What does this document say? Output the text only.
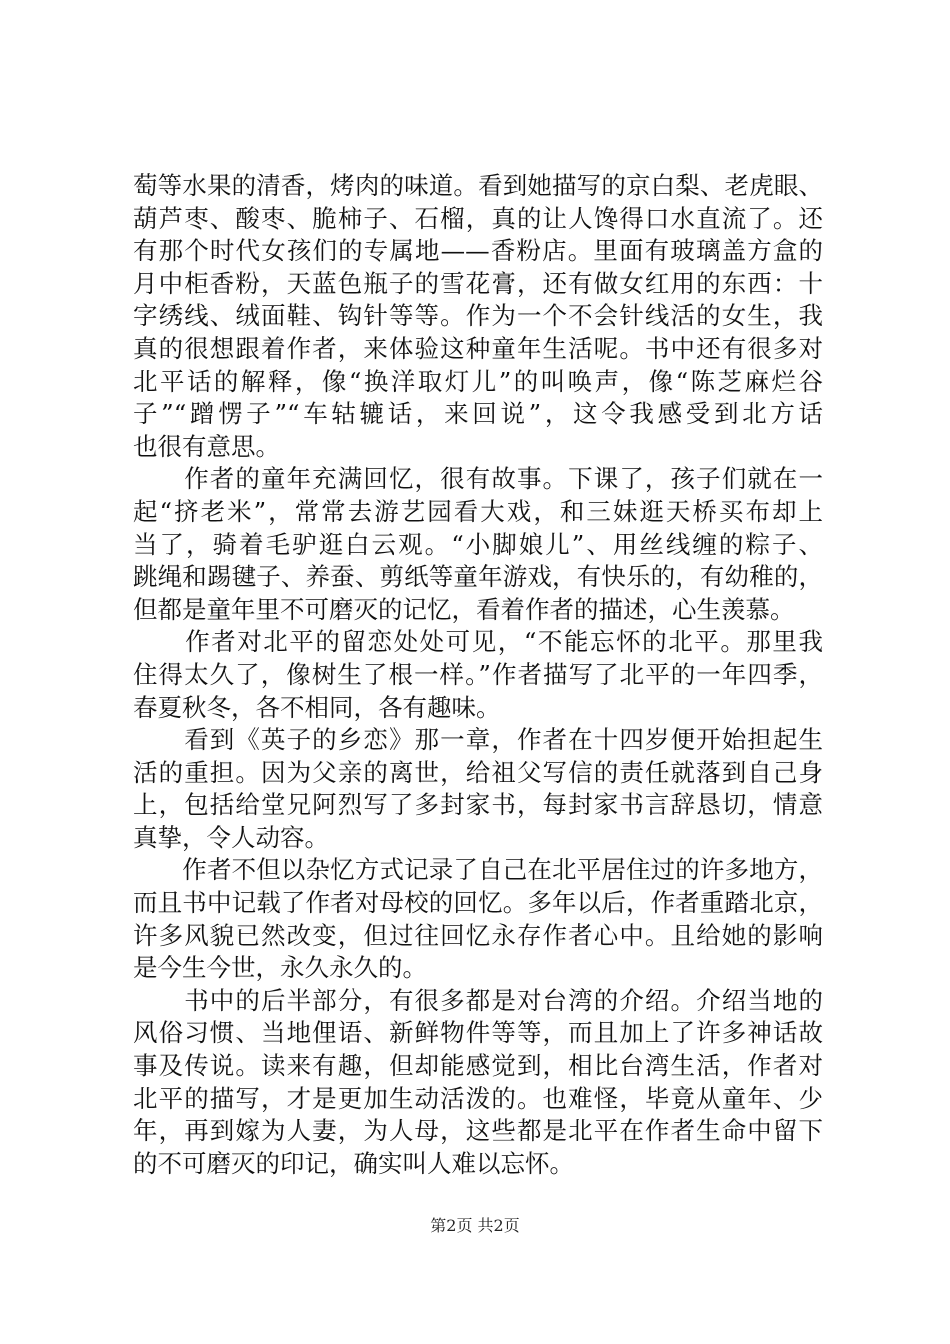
萄等水果的清香，烤肉的味道。看到她描写的京白梨、老虎眼、
葫芦枣、酸枣、脆柿子、石榴，真的让人馋得口水直流了。还
有那个时代女孩们的专属地——香粉店。里面有玻璃盖方盒的
月中柜香粉，天蓝色瓶子的雪花膏，还有做女红用的东西：十
字绣线、绒面鞋、钩针等等。作为一个不会针线活的女生，我
真的很想跟着作者，来体验这种童年生活呢。书中还有很多对
北平话的解释，像“换洋取灯儿”的叫唤声，像“陈芝麻烂谷
子”“蹭愣子”“车轱辘话，来回说”，这令我感受到北方话
也很有意思。
　　作者的童年充满回忆，很有故事。下课了，孩子们就在一
起“挤老米”，常常去游艺园看大戏，和三妹逛天桥买布却上
当了，骑着毛驴逛白云观。“小脚娘儿”、用丝线缠的粽子、
跳绳和踢毽子、养蚕、剪纸等童年游戏，有快乐的，有幼稚的，
但都是童年里不可磨灭的记忆，看着作者的描述，心生羡慕。
　　作者对北平的留恋处处可见，“不能忘怀的北平。那里我
住得太久了，像树生了根一样。”作者描写了北平的一年四季，
春夏秋冬，各不相同，各有趣味。
　　看到《英子的乡恋》那一章，作者在十四岁便开始担起生
活的重担。因为父亲的离世，给祖父写信的责任就落到自己身
上，包括给堂兄阿烈写了多封家书，每封家书言辞恳切，情意
真挚，令人动容。
　　作者不但以杂忆方式记录了自己在北平居住过的许多地方，
而且书中记载了作者对母校的回忆。多年以后，作者重踏北京，
许多风貌已然改变，但过往回忆永存作者心中。且给她的影响
是今生今世，永久永久的。
　　书中的后半部分，有很多都是对台湾的介绍。介绍当地的
风俗习惯、当地俚语、新鲜物件等等，而且加上了许多神话故
事及传说。读来有趣，但却能感觉到，相比台湾生活，作者对
北平的描写，才是更加生动活泼的。也难怪，毕竟从童年、少
年，再到嫁为人妻，为人母，这些都是北平在作者生命中留下
的不可磨灭的印记，确实叫人难以忘怀。
第2页 共2页
